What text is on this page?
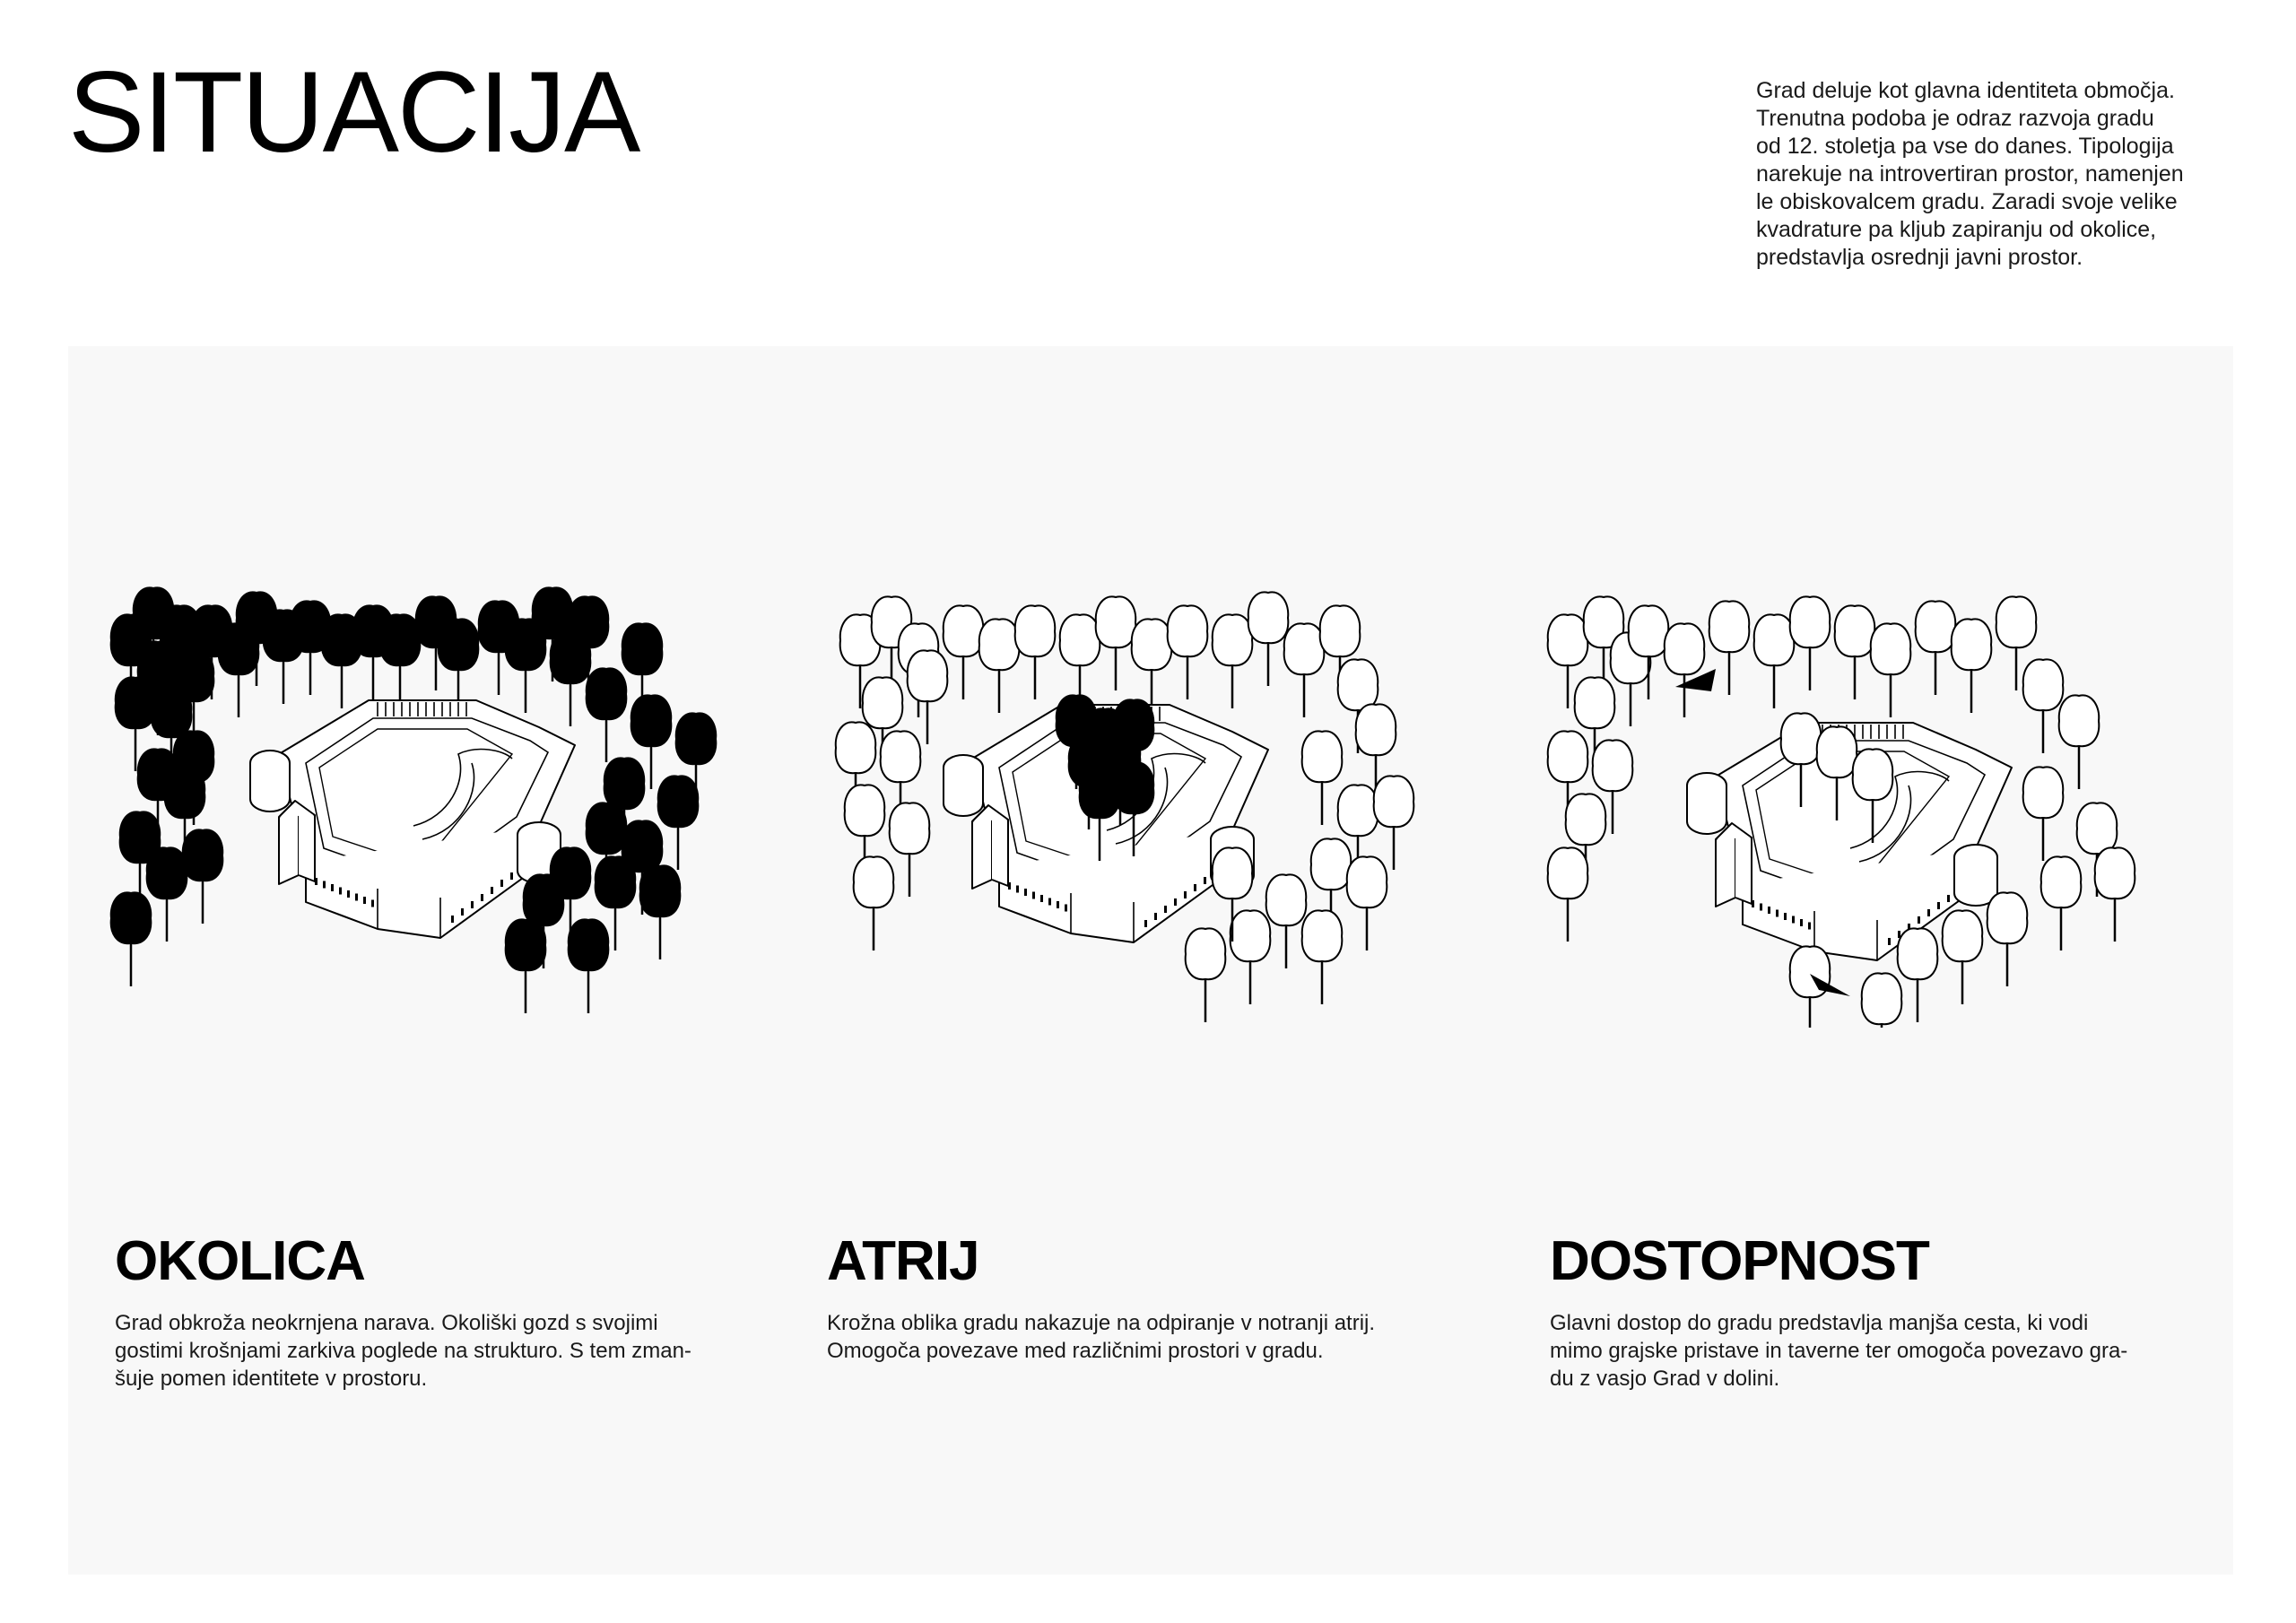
SITUACIJA	Grad deluje kot glavna identiteta območja.
Trenutna podoba je odraz razvoja gradu
od 12. stoletja pa vse do danes. Tipologija
narekuje na introvertiran prostor, namenjen
le obiskovalcem gradu. Zaradi svoje velike
kvadrature pa kljub zapiranju od okolice,
predstavlja osrednji javni prostor.
OKOLICA
Grad obkroža neokrnjena narava. Okoliški gozd s svojimi
gostimi krošnjami zarkiva poglede na strukturo. S tem zman-
šuje pomen identitete v prostoru.
ATRIJ
Krožna oblika gradu nakazuje na odpiranje v notranji atrij.
Omogoča povezave med različnimi prostori v gradu.
DOSTOPNOST
Glavni dostop do gradu predstavlja manjša cesta, ki vodi
mimo grajske pristave in taverne ter omogoča povezavo gra-
du z vasjo Grad v dolini.
